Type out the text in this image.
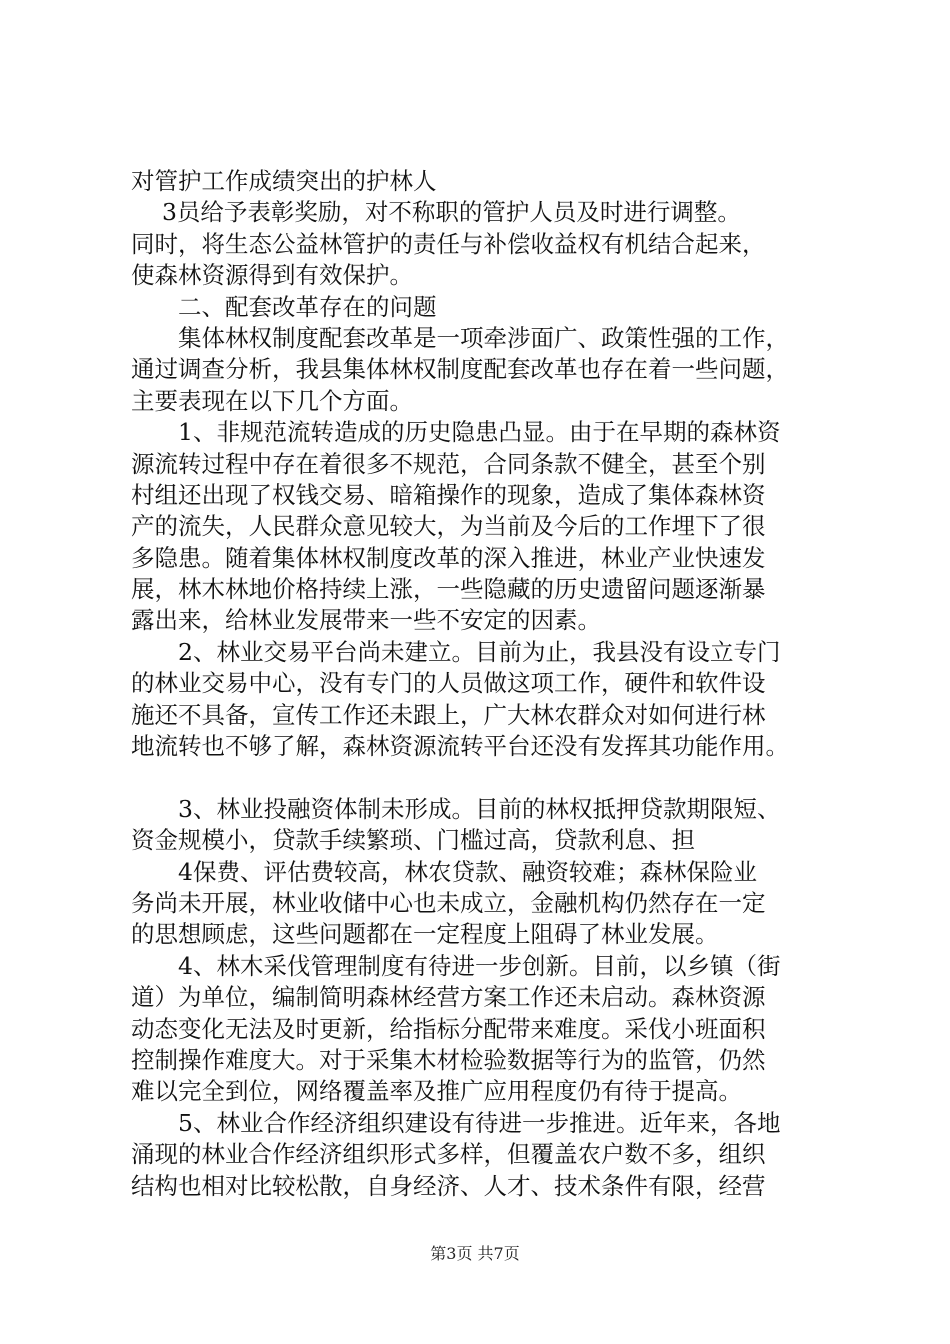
对管护工作成绩突出的护林人
　 3员给予表彰奖励，对不称职的管护人员及时进行调整。
同时，将生态公益林管护的责任与补偿收益权有机结合起来，
使森林资源得到有效保护。
　　二、配套改革存在的问题
　　集体林权制度配套改革是一项牵涉面广、政策性强的工作，
通过调查分析，我县集体林权制度配套改革也存在着一些问题，
主要表现在以下几个方面。
　　1、非规范流转造成的历史隐患凸显。由于在早期的森林资
源流转过程中存在着很多不规范，合同条款不健全，甚至个别
村组还出现了权钱交易、暗箱操作的现象，造成了集体森林资
产的流失，人民群众意见较大，为当前及今后的工作埋下了很
多隐患。随着集体林权制度改革的深入推进，林业产业快速发
展，林木林地价格持续上涨，一些隐藏的历史遗留问题逐渐暴
露出来，给林业发展带来一些不安定的因素。
　　2、林业交易平台尚未建立。目前为止，我县没有设立专门
的林业交易中心，没有专门的人员做这项工作，硬件和软件设
施还不具备，宣传工作还未跟上，广大林农群众对如何进行林
地流转也不够了解，森林资源流转平台还没有发挥其功能作用。
　　3、林业投融资体制未形成。目前的林权抵押贷款期限短、
资金规模小，贷款手续繁琐、门槛过高，贷款利息、担
　　4保费、评估费较高，林农贷款、融资较难；森林保险业
务尚未开展，林业收储中心也未成立，金融机构仍然存在一定
的思想顾虑，这些问题都在一定程度上阻碍了林业发展。
　　4、林木采伐管理制度有待进一步创新。目前，以乡镇（街
道）为单位，编制简明森林经营方案工作还未启动。森林资源
动态变化无法及时更新，给指标分配带来难度。采伐小班面积
控制操作难度大。对于采集木材检验数据等行为的监管，仍然
难以完全到位，网络覆盖率及推广应用程度仍有待于提高。
　　5、林业合作经济组织建设有待进一步推进。近年来，各地
涌现的林业合作经济组织形式多样，但覆盖农户数不多，组织
结构也相对比较松散，自身经济、人才、技术条件有限，经营
第3页 共7页
